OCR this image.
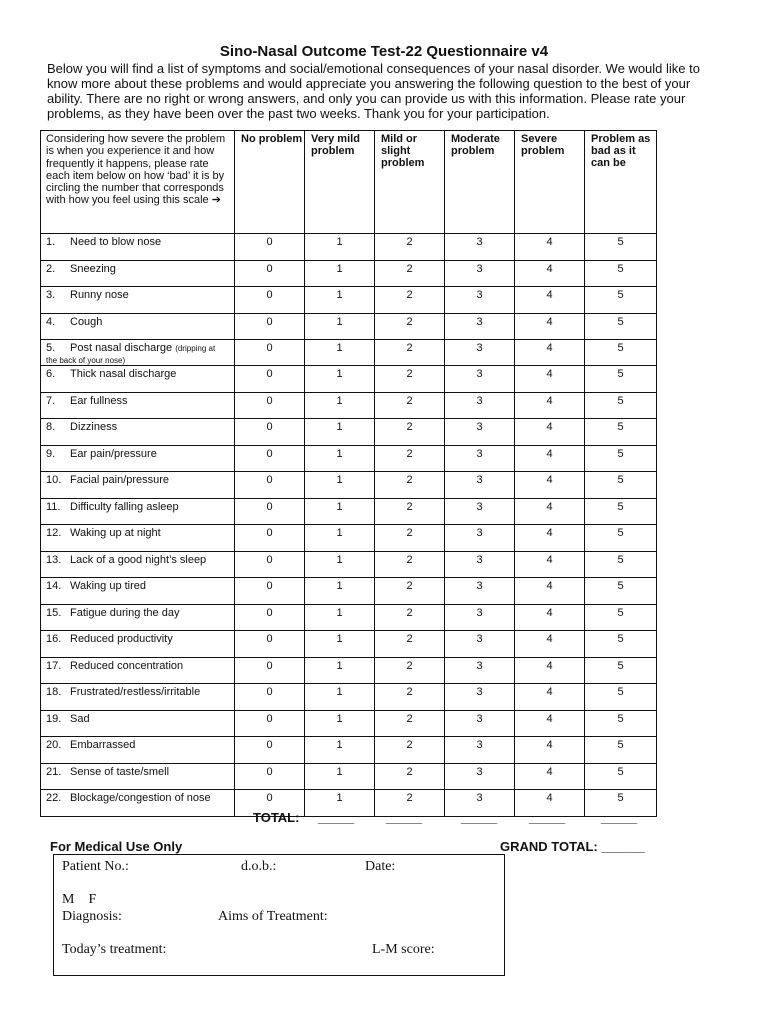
Sino-Nasal Outcome Test-22 Questionnaire v4
Below you will find a list of symptoms and social/emotional consequences of your nasal disorder. We would like to know more about these problems and would appreciate you answering the following question to the best of your ability. There are no right or wrong answers, and only you can provide us with this information. Please rate your problems, as they have been over the past two weeks. Thank you for your participation.
Considering how severe the problem is when you experience it and how frequently it happens, please rate each item below on how ‘bad’ it is by circling the number that corresponds with how you feel using this scale ➔	No problem	Very mild problem	Mild or slight problem	Moderate problem	Severe problem	Problem as bad as it can be
1. Need to blow nose	0	1	2	3	4	5
2. Sneezing	0	1	2	3	4	5
3. Runny nose	0	1	2	3	4	5
4. Cough	0	1	2	3	4	5
5. Post nasal discharge (dripping at
the back of your nose)	0	1	2	3	4	5
6. Thick nasal discharge	0	1	2	3	4	5
7. Ear fullness	0	1	2	3	4	5
8. Dizziness	0	1	2	3	4	5
9. Ear pain/pressure	0	1	2	3	4	5
10. Facial pain/pressure	0	1	2	3	4	5
11. Difficulty falling asleep	0	1	2	3	4	5
12. Waking up at night	0	1	2	3	4	5
13. Lack of a good night’s sleep	0	1	2	3	4	5
14. Waking up tired	0	1	2	3	4	5
15. Fatigue during the day	0	1	2	3	4	5
16. Reduced productivity	0	1	2	3	4	5
17. Reduced concentration	0	1	2	3	4	5
18. Frustrated/restless/irritable	0	1	2	3	4	5
19. Sad	0	1	2	3	4	5
20. Embarrassed	0	1	2	3	4	5
21. Sense of taste/smell	0	1	2	3	4	5
22. Blockage/congestion of nose	0	1	2	3	4	5
TOTAL: _____ _____	_____ _____	_____
For Medical Use Only	GRAND TOTAL: ______
Patient No.:	d.o.b.:	Date:
M    F
Diagnosis:	Aims of Treatment:
Today’s treatment:	L-M score:
